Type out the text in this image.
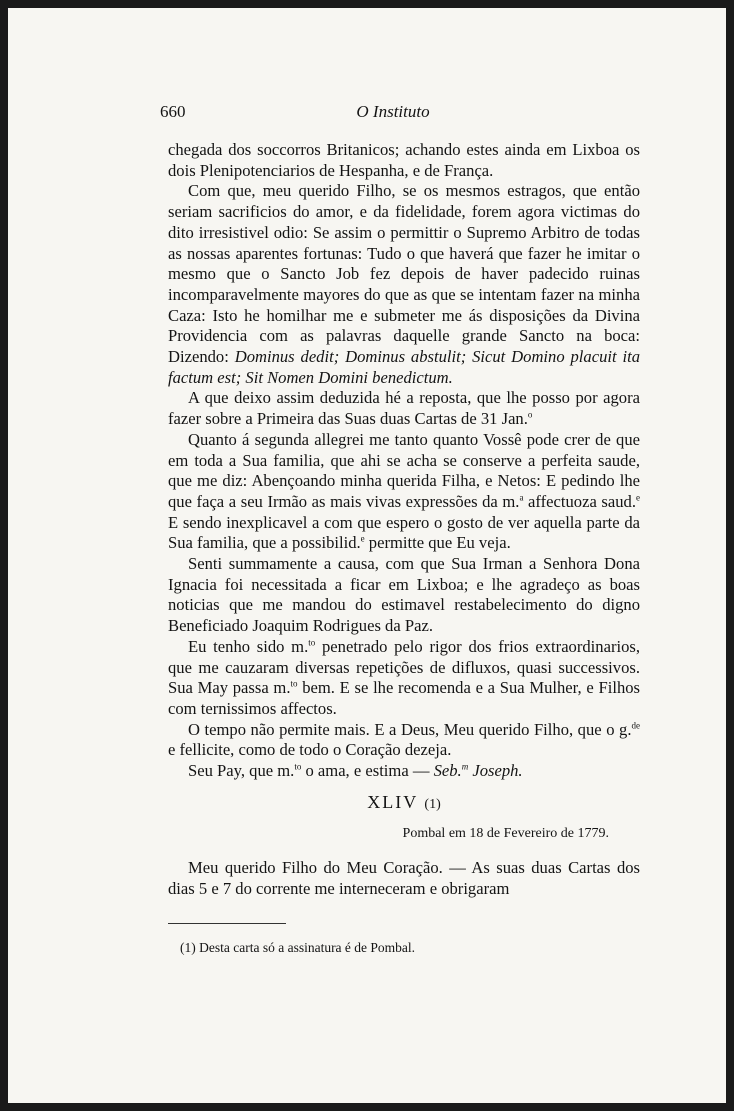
660	O Instituto

chegada dos soccorros Britanicos; achando estes ainda em Lixboa os dois Plenipotenciarios de Hespanha, e de França.

Com que, meu querido Filho, se os mesmos estragos, que então seriam sacrificios do amor, e da fidelidade, forem agora victimas do dito irresistivel odio: Se assim o permittir o Supremo Arbitro de todas as nossas aparentes fortunas: Tudo o que haverá que fazer he imitar o mesmo que o Sancto Job fez depois de haver padecido ruinas incomparavelmente mayores do que as que se intentam fazer na minha Caza: Isto he homilhar me e submeter me ás disposições da Divina Providencia com as palavras daquelle grande Sancto na boca: Dizendo: Dominus dedit; Dominus abstulit; Sicut Domino placuit ita factum est; Sit Nomen Domini benedictum.

A que deixo assim deduzida hé a reposta, que lhe posso por agora fazer sobre a Primeira das Suas duas Cartas de 31 Jan.$^o$

Quanto á segunda allegrei me tanto quanto Vossê pode crer de que em toda a Sua familia, que ahi se acha se conserve a perfeita saude, que me diz: Abençoando minha querida Filha, e Netos: E pedindo lhe que faça a seu Irmão as mais vivas expressões da m.$^a$ affectuoza saud.$^e$ E sendo inexplicavel a com que espero o gosto de ver aquella parte da Sua familia, que a possibilid.$^e$ permitte que Eu veja.

Senti summamente a causa, com que Sua Irman a Senhora Dona Ignacia foi necessitada a ficar em Lixboa; e lhe agradeço as boas noticias que me mandou do estimavel restabelecimento do digno Beneficiado Joaquim Rodrigues da Paz.

Eu tenho sido m.$^{to}$ penetrado pelo rigor dos frios extraordinarios, que me cauzaram diversas repetições de difluxos, quasi successivos. Sua May passa m.$^{to}$ bem. E se lhe recomenda e a Sua Mulher, e Filhos com ternissimos affectos.

O tempo não permite mais. E a Deus, Meu querido Filho, que o g.$^{de}$ e fellicite, como de todo o Coração dezeja.

Seu Pay, que m.$^{to}$ o ama, e estima — Seb.$^m$ Joseph.

XLIV (1)
Pombal em 18 de Fevereiro de 1779.

Meu querido Filho do Meu Coração. — As suas duas Cartas dos dias 5 e 7 do corrente me interneceram e obrigaram

(1) Desta carta só a assinatura é de Pombal.
